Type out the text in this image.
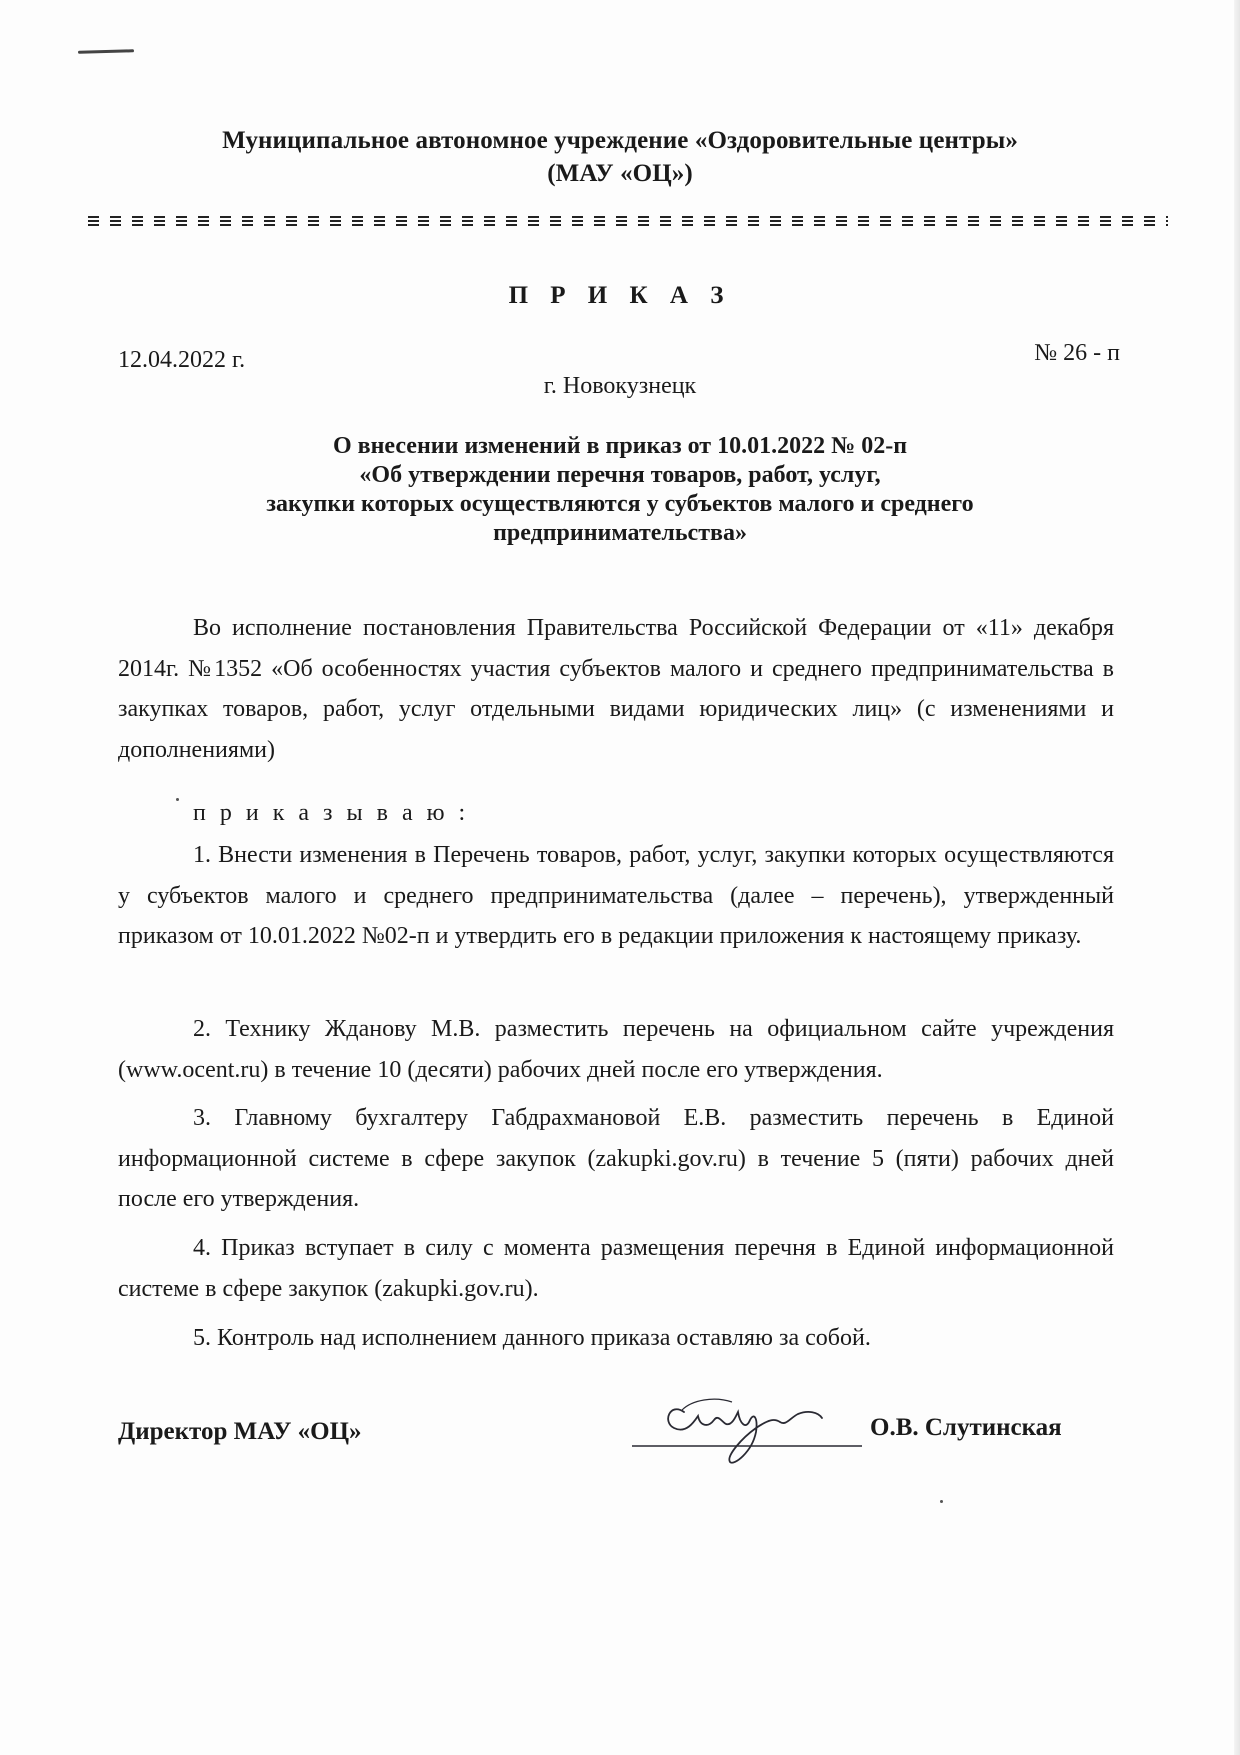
Муниципальное автономное учреждение «Оздоровительные центры»
(МАУ «ОЦ»)
П Р И К А З
12.04.2022 г.	№ 26 - п
г. Новокузнецк
О внесении изменений в приказ от 10.01.2022 № 02-п
«Об утверждении перечня товаров, работ, услуг,
закупки которых осуществляются у субъектов малого и среднего
предпринимательства»

Во исполнение постановления Правительства Российской Федерации от «11» декабря 2014г. №1352 «Об особенностях участия субъектов малого и среднего предпринимательства в закупках товаров, работ, услуг отдельными видами юридических лиц» (с изменениями и дополнениями)

п р и к а з ы в а ю :

1. Внести изменения в Перечень товаров, работ, услуг, закупки которых осуществляются у субъектов малого и среднего предпринимательства (далее – перечень), утвержденный приказом от 10.01.2022 №02-п и утвердить его в редакции приложения к настоящему приказу.

2. Технику Жданову М.В. разместить перечень на официальном сайте учреждения (www.ocent.ru) в течение 10 (десяти) рабочих дней после его утверждения.

3. Главному бухгалтеру Габдрахмановой Е.В. разместить перечень в Единой информационной системе в сфере закупок (zakupki.gov.ru) в течение 5 (пяти) рабочих дней после его утверждения.

4. Приказ вступает в силу с момента размещения перечня в Единой информационной системе в сфере закупок (zakupki.gov.ru).

5. Контроль над исполнением данного приказа оставляю за собой.

Директор МАУ «ОЦ»	О.В. Слутинская
